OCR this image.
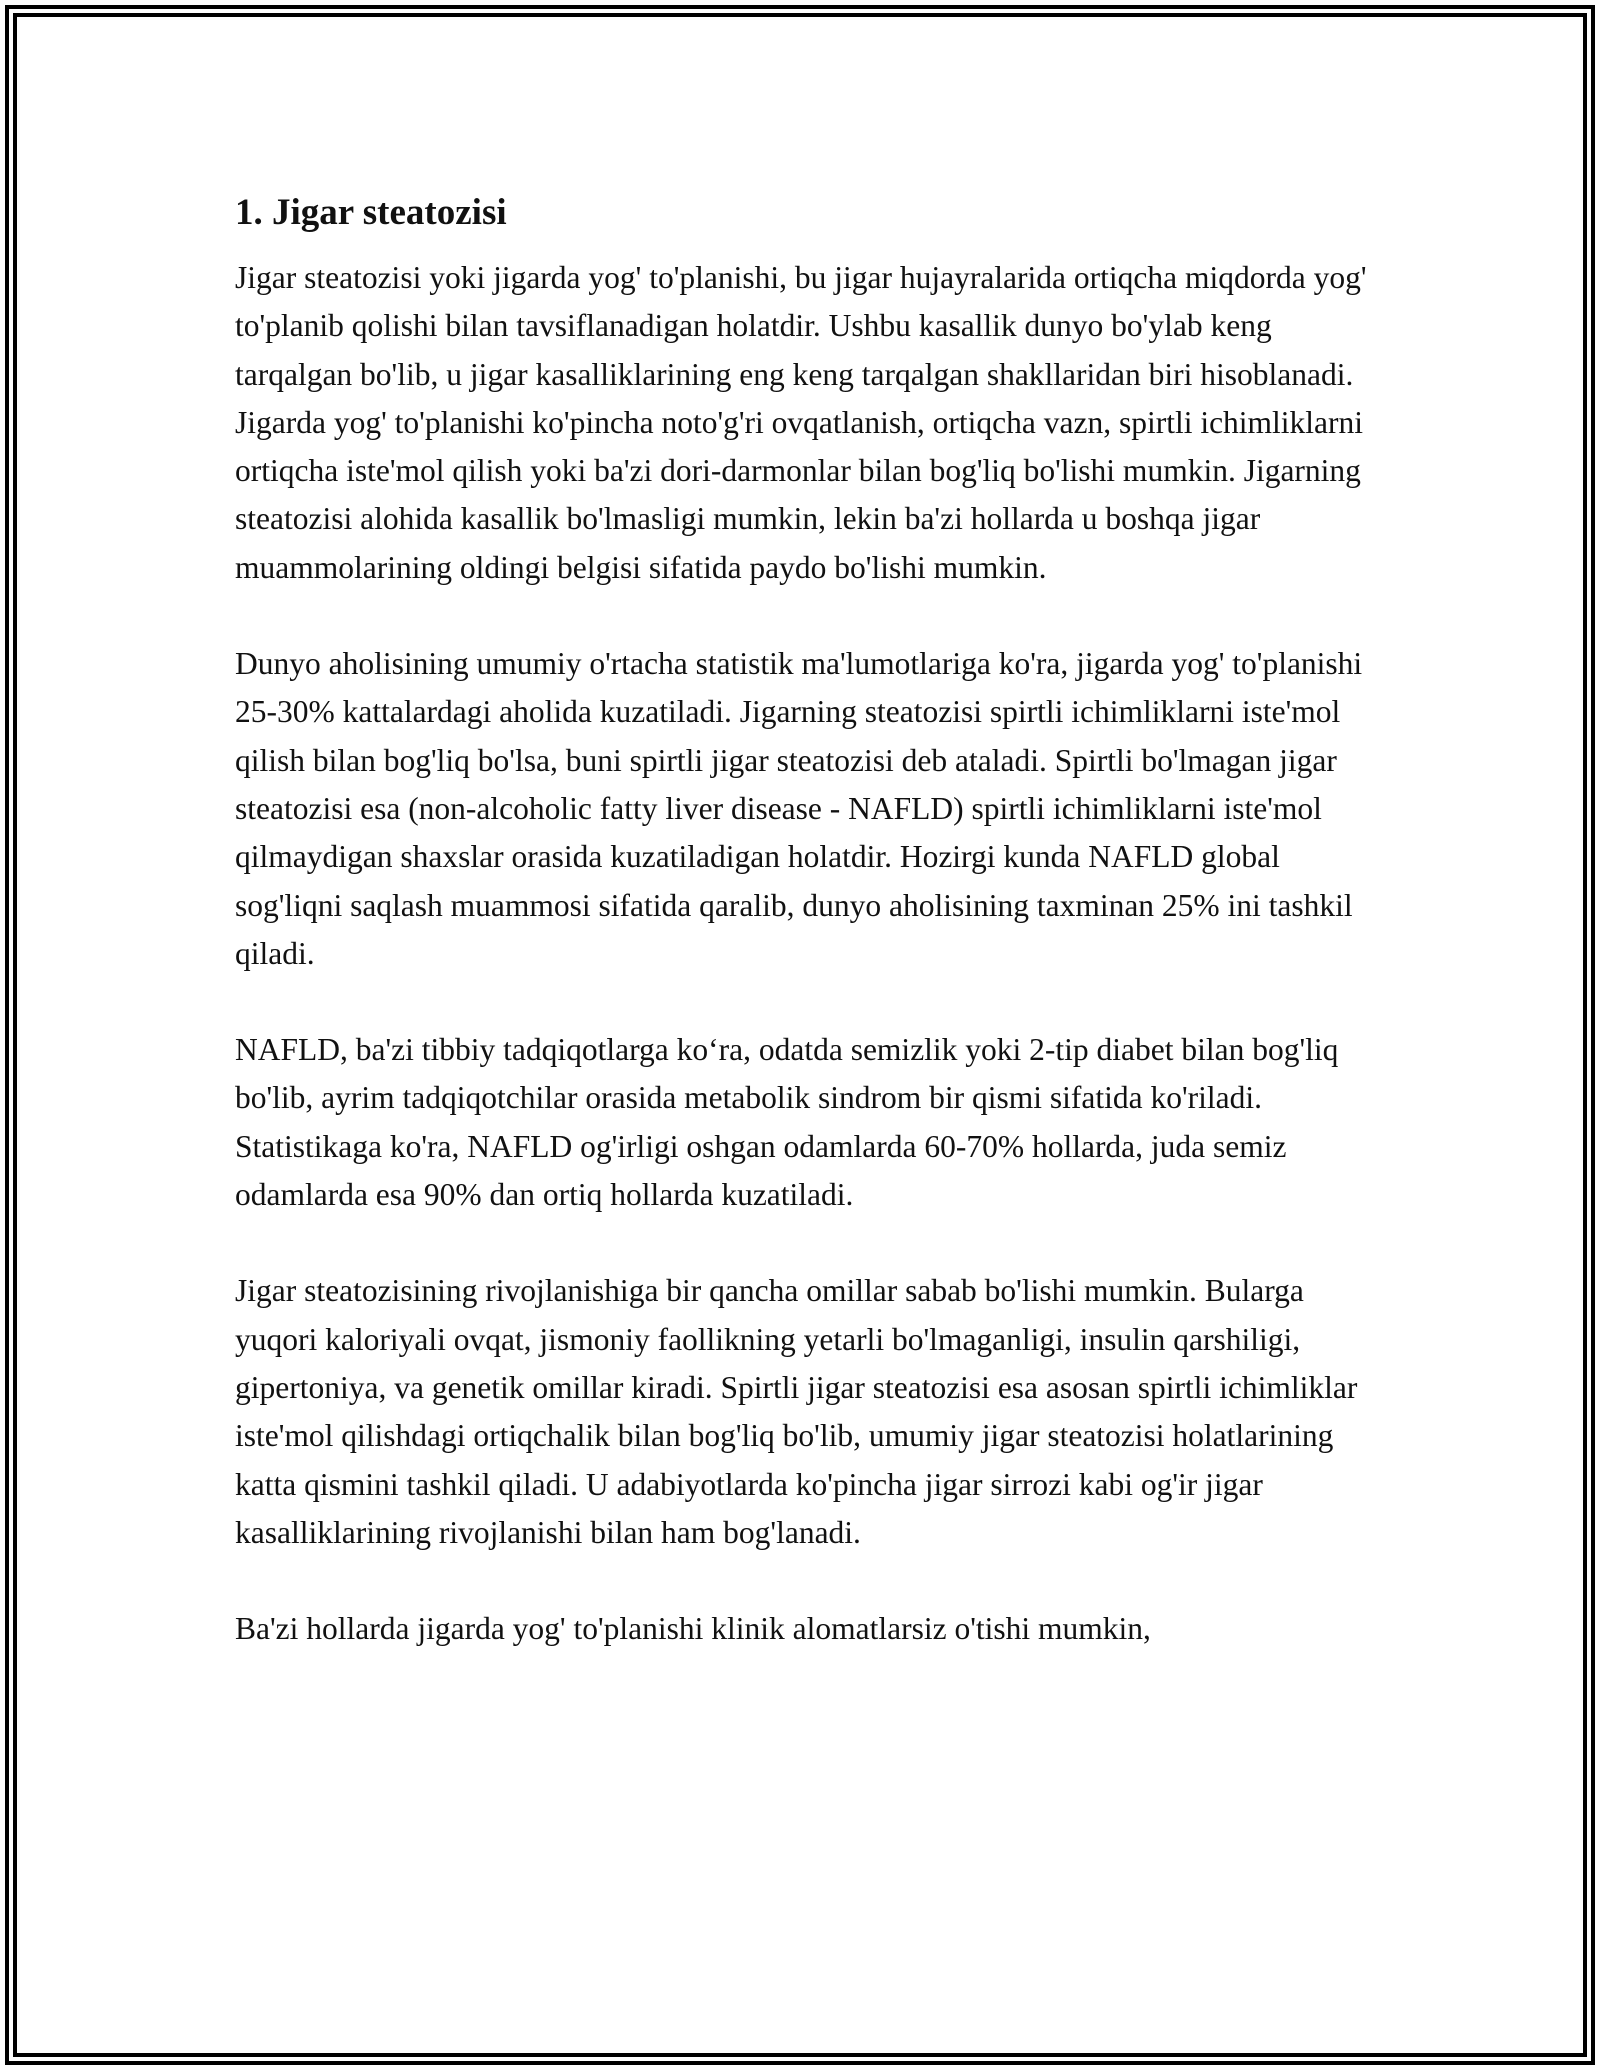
1. Jigar steatozisi

Jigar steatozisi yoki jigarda yog' to'planishi, bu jigar hujayralarida ortiqcha miqdorda yog' to'planib qolishi bilan tavsiflanadigan holatdir. Ushbu kasallik dunyo bo'ylab keng tarqalgan bo'lib, u jigar kasalliklarining eng keng tarqalgan shakllaridan biri hisoblanadi. Jigarda yog' to'planishi ko'pincha noto'g'ri ovqatlanish, ortiqcha vazn, spirtli ichimliklarni ortiqcha iste'mol qilish yoki ba'zi dori-darmonlar bilan bog'liq bo'lishi mumkin. Jigarning steatozisi alohida kasallik bo'lmasligi mumkin, lekin ba'zi hollarda u boshqa jigar muammolarining oldingi belgisi sifatida paydo bo'lishi mumkin.

Dunyo aholisining umumiy o'rtacha statistik ma'lumotlariga ko'ra, jigarda yog' to'planishi 25-30% kattalardagi aholida kuzatiladi. Jigarning steatozisi spirtli ichimliklarni iste'mol qilish bilan bog'liq bo'lsa, buni spirtli jigar steatozisi deb ataladi. Spirtli bo'lmagan jigar steatozisi esa (non-alcoholic fatty liver disease - NAFLD) spirtli ichimliklarni iste'mol qilmaydigan shaxslar orasida kuzatiladigan holatdir. Hozirgi kunda NAFLD global sog'liqni saqlash muammosi sifatida qaralib, dunyo aholisining taxminan 25% ini tashkil qiladi.

NAFLD, ba'zi tibbiy tadqiqotlarga ko‘ra, odatda semizlik yoki 2-tip diabet bilan bog'liq bo'lib, ayrim tadqiqotchilar orasida metabolik sindrom bir qismi sifatida ko'riladi. Statistikaga ko'ra, NAFLD og'irligi oshgan odamlarda 60-70% hollarda, juda semiz odamlarda esa 90% dan ortiq hollarda kuzatiladi.

Jigar steatozisining rivojlanishiga bir qancha omillar sabab bo'lishi mumkin. Bularga yuqori kaloriyali ovqat, jismoniy faollikning yetarli bo'lmaganligi, insulin qarshiligi, gipertoniya, va genetik omillar kiradi. Spirtli jigar steatozisi esa asosan spirtli ichimliklar iste'mol qilishdagi ortiqchalik bilan bog'liq bo'lib, umumiy jigar steatozisi holatlarining katta qismini tashkil qiladi. U adabiyotlarda ko'pincha jigar sirrozi kabi og'ir jigar kasalliklarining rivojlanishi bilan ham bog'lanadi.

Ba'zi hollarda jigarda yog' to'planishi klinik alomatlarsiz o'tishi mumkin,
